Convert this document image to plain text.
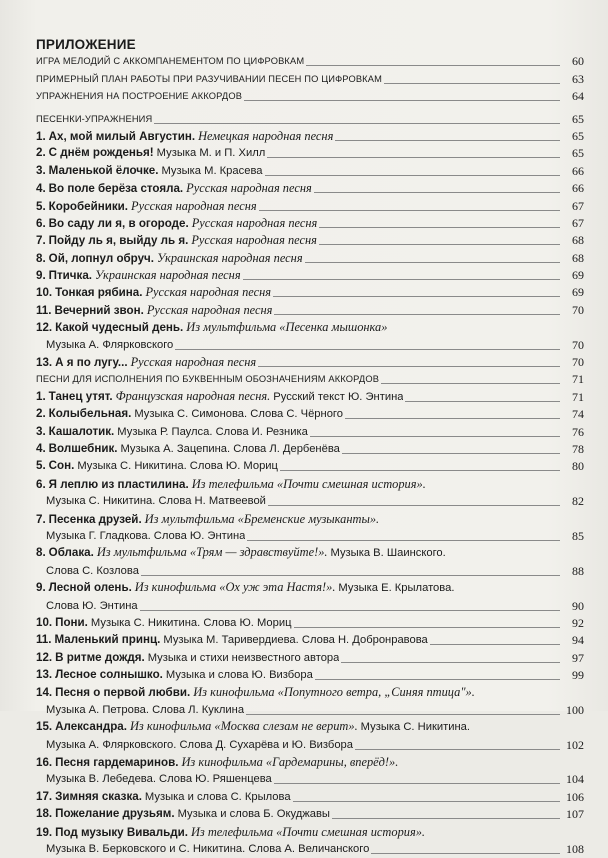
ПРИЛОЖЕНИЕ
ИГРА МЕЛОДИЙ С АККОМПАНЕМЕНТОМ ПО ЦИФРОВКАМ	60
ПРИМЕРНЫЙ ПЛАН РАБОТЫ ПРИ РАЗУЧИВАНИИ ПЕСЕН ПО ЦИФРОВКАМ	63
УПРАЖНЕНИЯ НА ПОСТРОЕНИЕ АККОРДОВ	64
ПЕСЕНКИ-УПРАЖНЕНИЯ	65
1. Ах, мой милый Августин. Немецкая народная песня	65
2. С днём рожденья! Музыка М. и П. Хилл	65
3. Маленькой ёлочке. Музыка М. Красева	66
4. Во поле берёза стояла. Русская народная песня	66
5. Коробейники. Русская народная песня	67
6. Во саду ли я, в огороде. Русская народная песня	67
7. Пойду ль я, выйду ль я. Русская народная песня	68
8. Ой, лопнул обруч. Украинская народная песня	68
9. Птичка. Украинская народная песня	69
10. Тонкая рябина. Русская народная песня	69
11. Вечерний звон. Русская народная песня	70
12. Какой чудесный день. Из мультфильма «Песенка мышонка»
Музыка А. Флярковского	70
13. А я по лугу... Русская народная песня	70
ПЕСНИ ДЛЯ ИСПОЛНЕНИЯ ПО БУКВЕННЫМ ОБОЗНАЧЕНИЯМ АККОРДОВ	71
1. Танец утят. Французская народная песня. Русский текст Ю. Энтина	71
2. Колыбельная. Музыка С. Симонова. Слова С. Чёрного	74
3. Кашалотик. Музыка Р. Паулса. Слова И. Резника	76
4. Волшебник. Музыка А. Зацепина. Слова Л. Дербенёва	78
5. Сон. Музыка С. Никитина. Слова Ю. Мориц	80
6. Я леплю из пластилина. Из телефильма «Почти смешная история».
Музыка С. Никитина. Слова Н. Матвеевой	82
7. Песенка друзей. Из мультфильма «Бременские музыканты».
Музыка Г. Гладкова. Слова Ю. Энтина	85
8. Облака. Из мультфильма «Трям — здравствуйте!». Музыка В. Шаинского.
Слова С. Козлова	88
9. Лесной олень. Из кинофильма «Ох уж эта Настя!». Музыка Е. Крылатова.
Слова Ю. Энтина	90
10. Пони. Музыка С. Никитина. Слова Ю. Мориц	92
11. Маленький принц. Музыка М. Таривердиева. Слова Н. Добронравова	94
12. В ритме дождя. Музыка и стихи неизвестного автора	97
13. Лесное солнышко. Музыка и слова Ю. Визбора	99
14. Песня о первой любви. Из кинофильма «Попутного ветра, „Синяя птица"».
Музыка А. Петрова. Слова Л. Куклина	100
15. Александра. Из кинофильма «Москва слезам не верит». Музыка С. Никитина.
Музыка А. Флярковского. Слова Д. Сухарёва и Ю. Визбора	102
16. Песня гардемаринов. Из кинофильма «Гардемарины, вперёд!».
Музыка В. Лебедева. Слова Ю. Ряшенцева	104
17. Зимняя сказка. Музыка и слова С. Крылова	106
18. Пожелание друзьям. Музыка и слова Б. Окуджавы	107
19. Под музыку Вивальди. Из телефильма «Почти смешная история».
Музыка В. Берковского и С. Никитина. Слова А. Величанского	108
